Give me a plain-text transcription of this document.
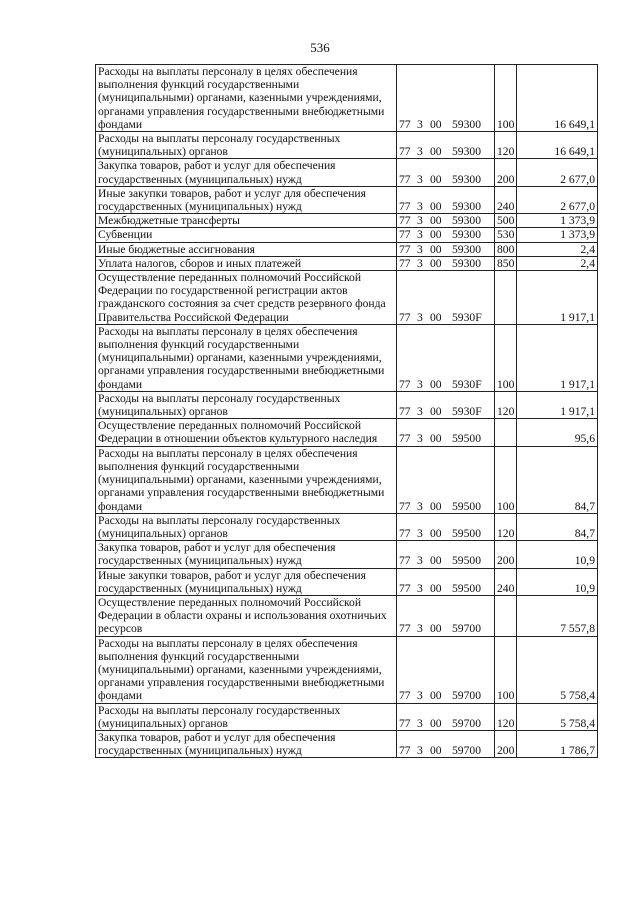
536
Расходы на выплаты персоналу в целях обеспечения выполнения функций государственными (муниципальными) органами, казенными учреждениями, органами управления государственными внебюджетными фондами	77 3 00 59300	100	16 649,1
Расходы на выплаты персоналу государственных (муниципальных) органов	77 3 00 59300	120	16 649,1
Закупка товаров, работ и услуг для обеспечения государственных (муниципальных) нужд	77 3 00 59300	200	2 677,0
Иные закупки товаров, работ и услуг для обеспечения государственных (муниципальных) нужд	77 3 00 59300	240	2 677,0
Межбюджетные трансферты	77 3 00 59300	500	1 373,9
Субвенции	77 3 00 59300	530	1 373,9
Иные бюджетные ассигнования	77 3 00 59300	800	2,4
Уплата налогов, сборов и иных платежей	77 3 00 59300	850	2,4
Осуществление переданных полномочий Российской Федерации по государственной регистрации актов гражданского состояния за счет средств резервного фонда Правительства Российской Федерации	77 3 00 5930F		1 917,1
Расходы на выплаты персоналу в целях обеспечения выполнения функций государственными (муниципальными) органами, казенными учреждениями, органами управления государственными внебюджетными фондами	77 3 00 5930F	100	1 917,1
Расходы на выплаты персоналу государственных (муниципальных) органов	77 3 00 5930F	120	1 917,1
Осуществление переданных полномочий Российской Федерации в отношении объектов культурного наследия	77 3 00 59500		95,6
Расходы на выплаты персоналу в целях обеспечения выполнения функций государственными (муниципальными) органами, казенными учреждениями, органами управления государственными внебюджетными фондами	77 3 00 59500	100	84,7
Расходы на выплаты персоналу государственных (муниципальных) органов	77 3 00 59500	120	84,7
Закупка товаров, работ и услуг для обеспечения государственных (муниципальных) нужд	77 3 00 59500	200	10,9
Иные закупки товаров, работ и услуг для обеспечения государственных (муниципальных) нужд	77 3 00 59500	240	10,9
Осуществление переданных полномочий Российской Федерации в области охраны и использования охотничьих ресурсов	77 3 00 59700		7 557,8
Расходы на выплаты персоналу в целях обеспечения выполнения функций государственными (муниципальными) органами, казенными учреждениями, органами управления государственными внебюджетными фондами	77 3 00 59700	100	5 758,4
Расходы на выплаты персоналу государственных (муниципальных) органов	77 3 00 59700	120	5 758,4
Закупка товаров, работ и услуг для обеспечения государственных (муниципальных) нужд	77 3 00 59700	200	1 786,7
